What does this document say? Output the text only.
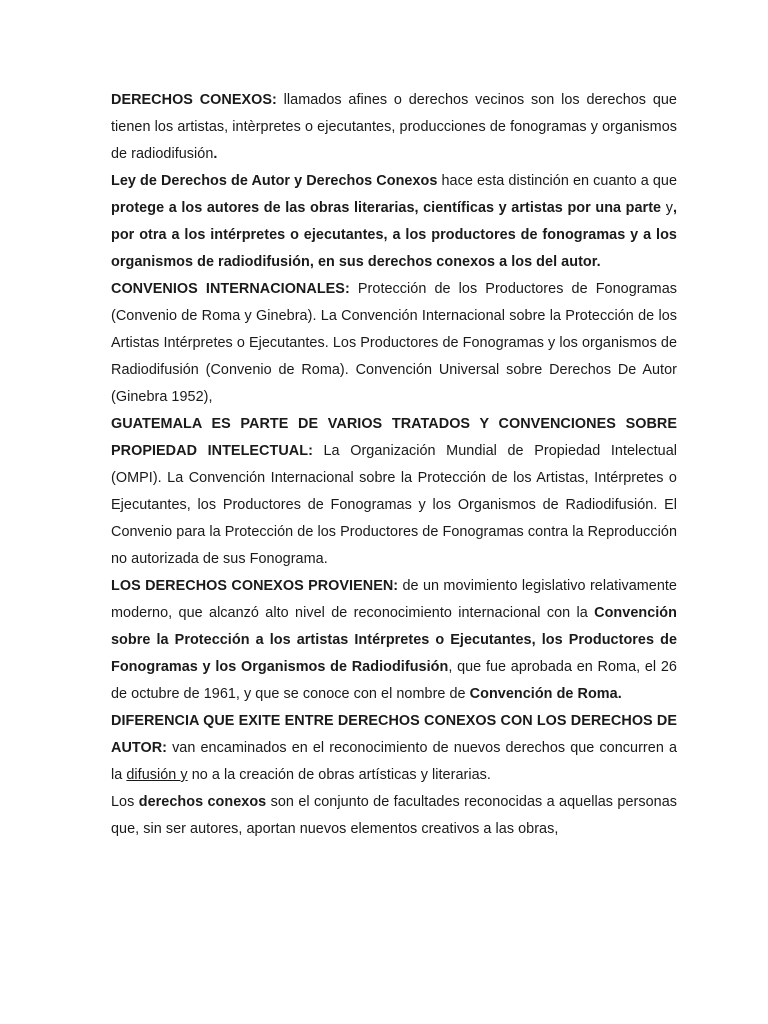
DERECHOS CONEXOS: llamados afines o derechos vecinos son los derechos que tienen los artistas, intèrpretes o ejecutantes, producciones de fonogramas y organismos de radiodifusión.

Ley de Derechos de Autor y Derechos Conexos hace esta distinción en cuanto a que protege a los autores de las obras literarias, científicas y artistas por una parte y, por otra a los intérpretes o ejecutantes, a los productores de fonogramas y a los organismos de radiodifusión, en sus derechos conexos a los del autor.

CONVENIOS INTERNACIONALES: Protección de los Productores de Fonogramas (Convenio de Roma y Ginebra). La Convención Internacional sobre la Protección de los Artistas Intérpretes o Ejecutantes. Los Productores de Fonogramas y los organismos de Radiodifusión (Convenio de Roma). Convención Universal sobre Derechos De Autor (Ginebra 1952),

GUATEMALA ES PARTE DE VARIOS TRATADOS Y CONVENCIONES SOBRE PROPIEDAD INTELECTUAL: La Organización Mundial de Propiedad Intelectual (OMPI). La Convención Internacional sobre la Protección de los Artistas, Intérpretes o Ejecutantes, los Productores de Fonogramas y los Organismos de Radiodifusión. El Convenio para la Protección de los Productores de Fonogramas contra la Reproducción no autorizada de sus Fonograma.

LOS DERECHOS CONEXOS PROVIENEN: de un movimiento legislativo relativamente moderno, que alcanzó alto nivel de reconocimiento internacional con la Convención sobre la Protección a los artistas Intérpretes o Ejecutantes, los Productores de Fonogramas y los Organismos de Radiodifusión, que fue aprobada en Roma, el 26 de octubre de 1961, y que se conoce con el nombre de Convención de Roma.

DIFERENCIA QUE EXITE ENTRE DERECHOS CONEXOS CON LOS DERECHOS DE AUTOR: van encaminados en el reconocimiento de nuevos derechos que concurren a la difusión y no a la creación de obras artísticas y literarias.

Los derechos conexos son el conjunto de facultades reconocidas a aquellas personas que, sin ser autores, aportan nuevos elementos creativos a las obras,
